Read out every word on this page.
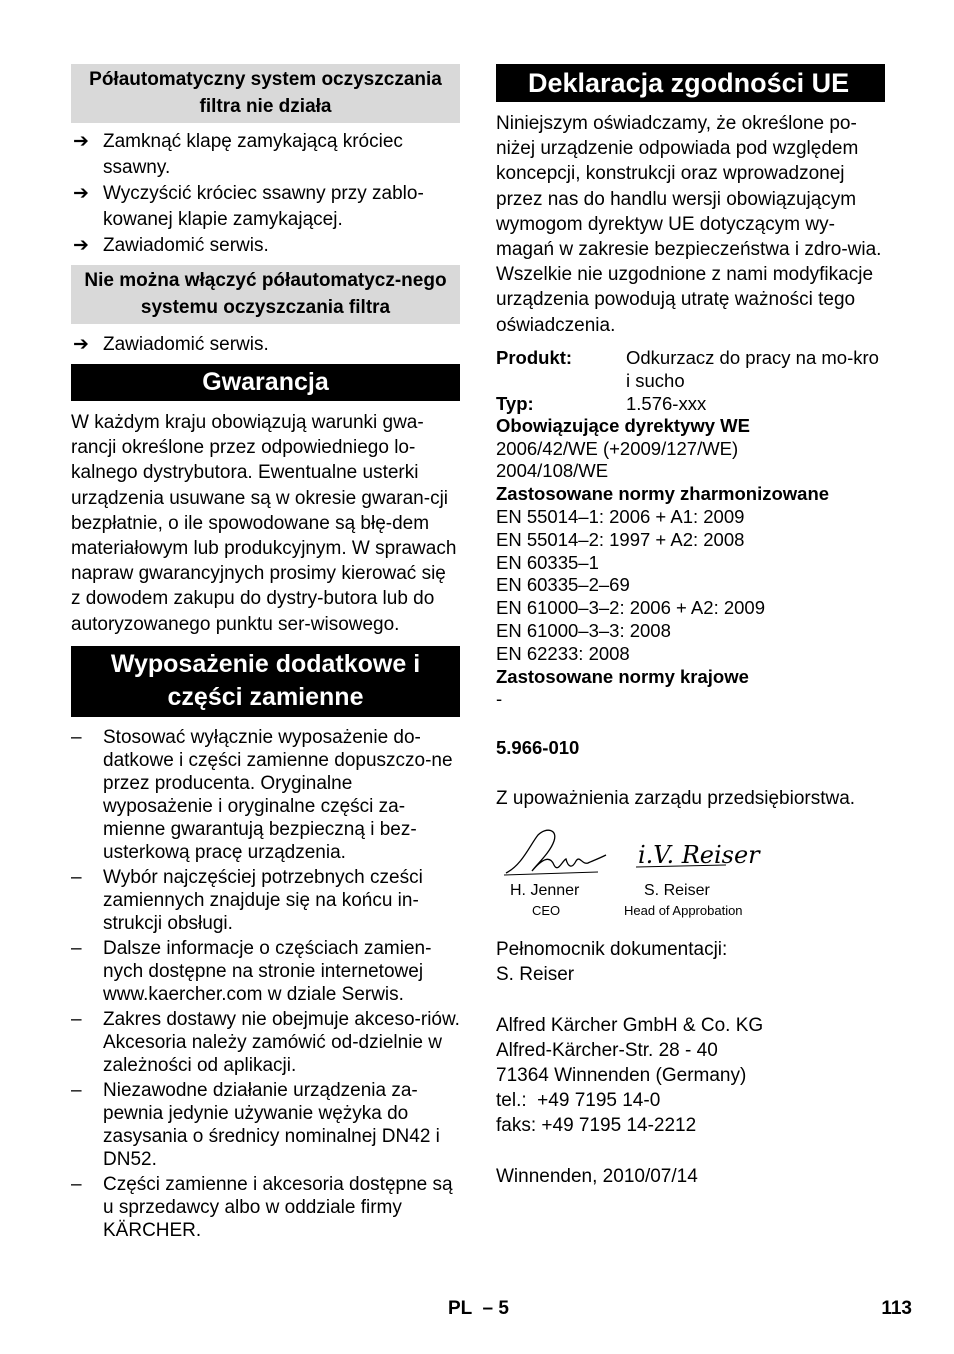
Półautomatyczny system oczyszczania filtra nie działa
➔ Zamknąć klapę zamykającą króciec ssawny.
➔ Wyczyścić króciec ssawny przy zablo-kowanej klapie zamykającej.
➔ Zawiadomić serwis.
Nie można włączyć półautomatycz-nego systemu oczyszczania filtra
➔ Zawiadomić serwis.
Gwarancja

W każdym kraju obowiązują warunki gwa-rancji określone przez odpowiedniego lo-kalnego dystrybutora. Ewentualne usterki urządzenia usuwane są w okresie gwaran-cji bezpłatnie, o ile spowodowane są błę-dem materiałowym lub produkcyjnym. W sprawach napraw gwarancyjnych prosimy kierować się z dowodem zakupu do dystry-butora lub do autoryzowanego punktu ser-wisowego.

Wyposażenie dodatkowe i części zamienne
– Stosować wyłącznie wyposażenie do-datkowe i części zamienne dopuszczo-ne przez producenta. Oryginalne wyposażenie i oryginalne części za-mienne gwarantują bezpieczną i bez-usterkową pracę urządzenia.
– Wybór najczęściej potrzebnych cześci zamiennych znajduje się na końcu in-strukcji obsługi.
– Dalsze informacje o częściach zamien-nych dostępne na stronie internetowej www.kaercher.com w dziale Serwis.
– Zakres dostawy nie obejmuje akceso-riów. Akcesoria należy zamówić od-dzielnie w zależności od aplikacji.
– Niezawodne działanie urządzenia za-pewnia jedynie używanie wężyka do zasysania o średnicy nominalnej DN42 i DN52.
– Części zamienne i akcesoria dostępne są u sprzedawcy albo w oddziale firmy KÄRCHER.
Deklaracja zgodności UE

Niniejszym oświadczamy, że określone po-niżej urządzenie odpowiada pod względem koncepcji, konstrukcji oraz wprowadzonej przez nas do handlu wersji obowiązującym wymogom dyrektyw UE dotyczącym wy-magań w zakresie bezpieczeństwa i zdro-wia. Wszelkie nie uzgodnione z nami modyfikacje urządzenia powodują utratę ważności tego oświadczenia.

Produkt:	Odkurzacz do pracy na mo-kro i sucho
Typ:	1.576-xxx
Obowiązujące dyrektywy WE
2006/42/WE (+2009/127/WE)
2004/108/WE
Zastosowane normy zharmonizowane
EN 55014–1: 2006 + A1: 2009
EN 55014–2: 1997 + A2: 2008
EN 60335–1
EN 60335–2–69
EN 61000–3–2: 2006 + A2: 2009
EN 61000–3–3: 2008
EN 62233: 2008
Zastosowane normy krajowe
-
5.966-010

Z upoważnienia zarządu przedsiębiorstwa.

i.V. Reiser
H. Jenner
CEO
S. Reiser
Head of Approbation
Pełnomocnik dokumentacji:
S. Reiser
Alfred Kärcher GmbH & Co. KG
Alfred-Kärcher-Str. 28 - 40
71364 Winnenden (Germany)
tel.:  +49 7195 14-0
faks: +49 7195 14-2212
Winnenden, 2010/07/14
PL  – 5	113
